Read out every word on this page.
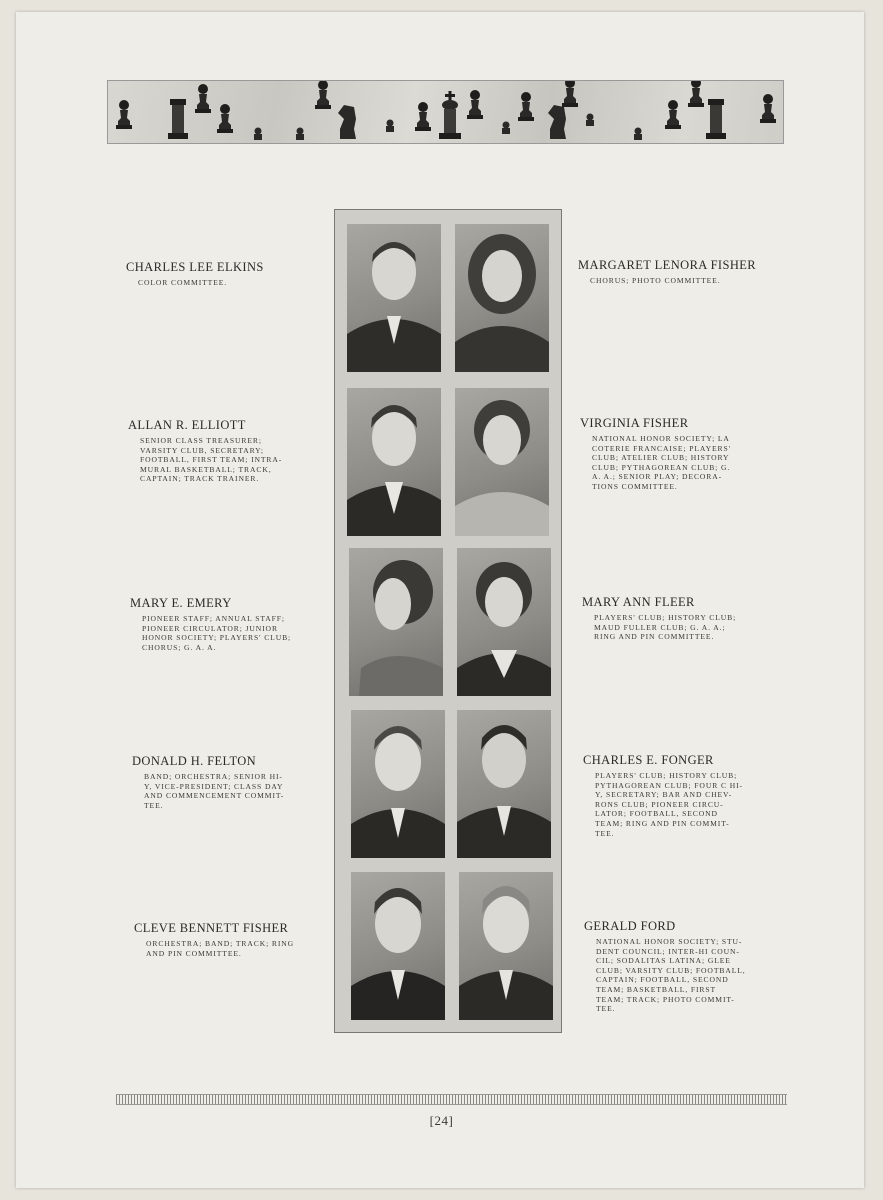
CHARLES LEE ELKINS

COLOR COMMITTEE.

ALLAN R. ELLIOTT

SENIOR CLASS TREASURER;

VARSITY CLUB, SECRETARY;

FOOTBALL, FIRST TEAM; INTRA-

MURAL BASKETBALL; TRACK,

CAPTAIN; TRACK TRAINER.

MARY E. EMERY

PIONEER STAFF; ANNUAL STAFF;

PIONEER CIRCULATOR; JUNIOR

HONOR SOCIETY; PLAYERS' CLUB;

CHORUS; G. A. A.

DONALD H. FELTON

BAND; ORCHESTRA; SENIOR HI-

Y, VICE-PRESIDENT; CLASS DAY

AND COMMENCEMENT COMMIT-

TEE.

CLEVE BENNETT FISHER

ORCHESTRA; BAND; TRACK; RING

AND PIN COMMITTEE.

MARGARET LENORA FISHER

CHORUS; PHOTO COMMITTEE.

VIRGINIA FISHER

NATIONAL HONOR SOCIETY; LA

COTERIE FRANCAISE; PLAYERS'

CLUB; ATELIER CLUB; HISTORY

CLUB; PYTHAGOREAN CLUB; G.

A. A.; SENIOR PLAY; DECORA-

TIONS COMMITTEE.

MARY ANN FLEER

PLAYERS' CLUB; HISTORY CLUB;

MAUD FULLER CLUB; G. A. A.;

RING AND PIN COMMITTEE.

CHARLES E. FONGER

PLAYERS' CLUB; HISTORY CLUB;

PYTHAGOREAN CLUB; FOUR C HI-

Y, SECRETARY; BAR AND CHEV-

RONS CLUB; PIONEER CIRCU-

LATOR; FOOTBALL, SECOND

TEAM; RING AND PIN COMMIT-

TEE.

GERALD FORD

NATIONAL HONOR SOCIETY; STU-

DENT COUNCIL; INTER-HI COUN-

CIL; SODALITAS LATINA; GLEE

CLUB; VARSITY CLUB; FOOTBALL,

CAPTAIN; FOOTBALL, SECOND

TEAM; BASKETBALL, FIRST

TEAM; TRACK; PHOTO COMMIT-

TEE.

[24]
